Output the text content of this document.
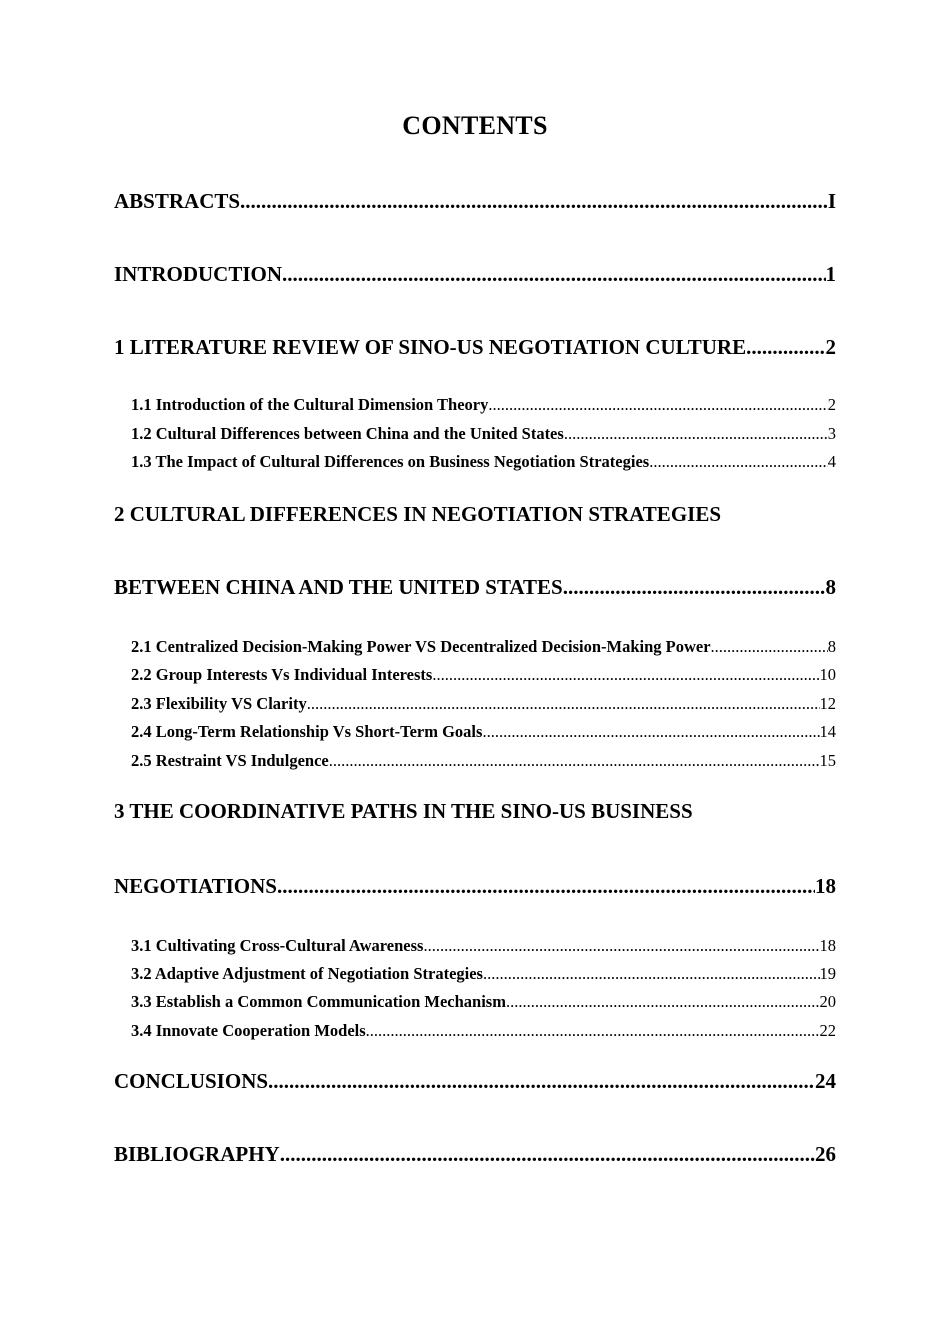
CONTENTS
ABSTRACTS .....	I
INTRODUCTION .....	1
1 LITERATURE REVIEW OF SINO-US NEGOTIATION CULTURE .....	2
1.1 Introduction of the Cultural Dimension Theory .....	2
1.2 Cultural Differences between China and the United States .....	3
1.3 The Impact of Cultural Differences on Business Negotiation Strategies .....	4
2 CULTURAL DIFFERENCES IN NEGOTIATION STRATEGIES
BETWEEN CHINA AND THE UNITED STATES .....	8
2.1 Centralized Decision-Making Power VS Decentralized Decision-Making Power .....	8
2.2 Group Interests Vs Individual Interests .....	10
2.3 Flexibility VS Clarity .....	12
2.4 Long-Term Relationship Vs Short-Term Goals .....	14
2.5 Restraint VS Indulgence .....	15
3 THE COORDINATIVE PATHS IN THE SINO-US BUSINESS
NEGOTIATIONS .....	18
3.1 Cultivating Cross-Cultural Awareness .....	18
3.2 Adaptive Adjustment of Negotiation Strategies .....	19
3.3 Establish a Common Communication Mechanism .....	20
3.4 Innovate Cooperation Models .....	22
CONCLUSIONS .....	24
BIBLIOGRAPHY .....	26
